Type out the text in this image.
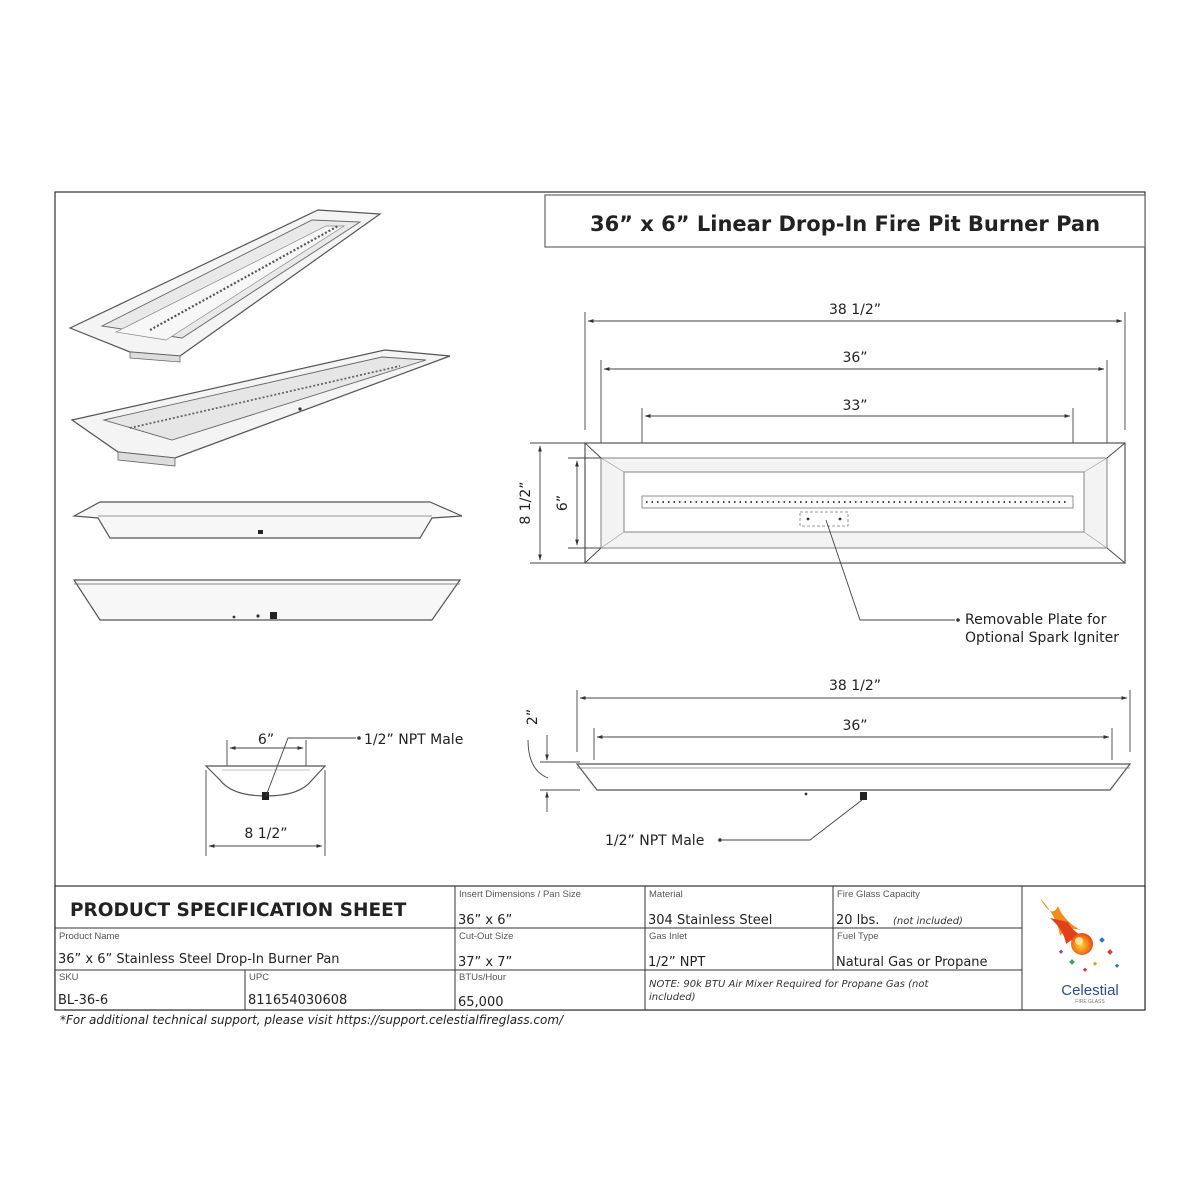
36” x 6” Linear Drop-In Fire Pit Burner Pan
38 1/2”
36”
33”
8 1/2” 6”
Removable Plate for
Optional Spark Igniter
38 1/2”
36”
2”
1/2” NPT Male
6”
8 1/2”
1/2” NPT Male
PRODUCT SPECIFICATION SHEET
Insert Dimensions / Pan Size
36” x 6”
Material
304 Stainless Steel
Fire Glass Capacity
20 lbs. (not included)
Product Name
36” x 6” Stainless Steel Drop-In Burner Pan
Cut-Out Size
37” x 7”
Gas Inlet
1/2” NPT
Fuel Type
Natural Gas or Propane
SKU
BL-36-6
UPC
811654030608
BTUs/Hour
65,000
NOTE: 90k BTU Air Mixer Required for Propane Gas (not
included)	Celestial
FIRE GLASS
*For additional technical support, please visit https://support.celestialfireglass.com/
